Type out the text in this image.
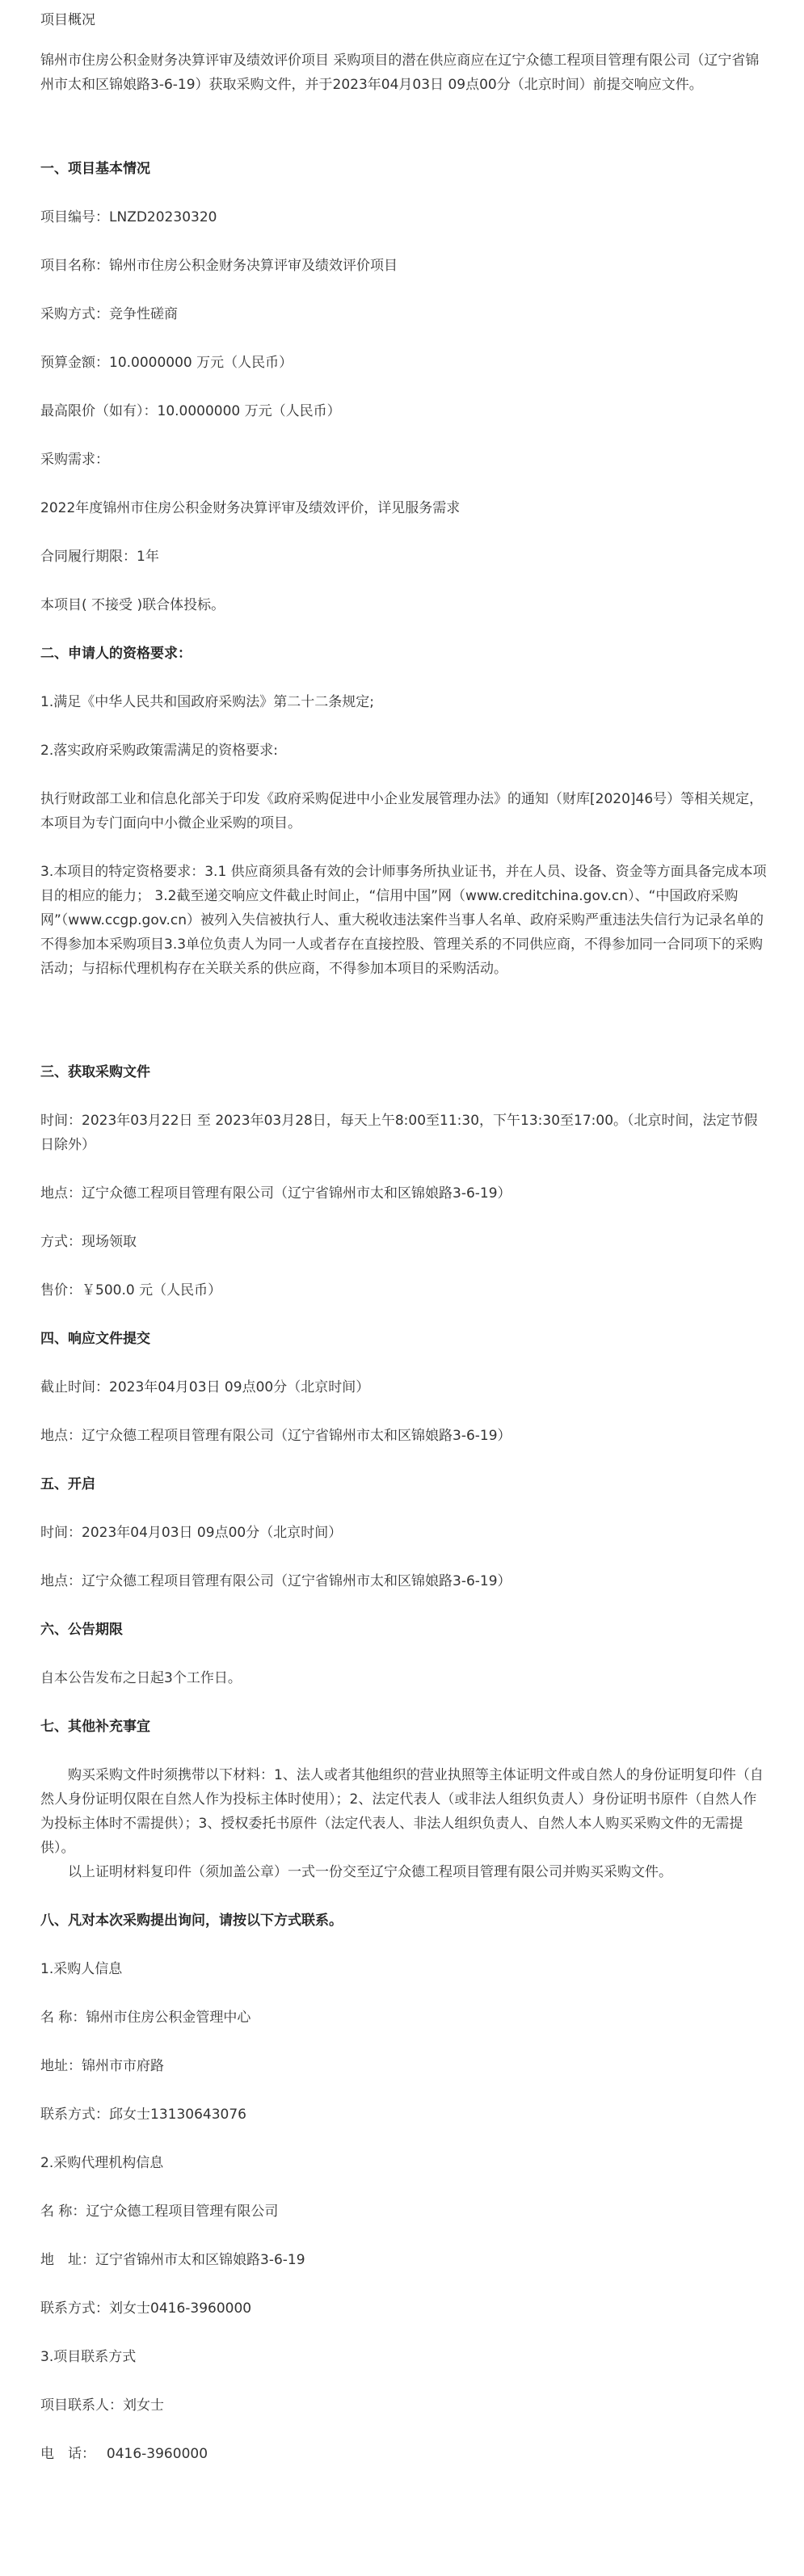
项目概况

锦州市住房公积金财务决算评审及绩效评价项目 采购项目的潜在供应商应在辽宁众德工程项目管理有限公司（辽宁省锦州市太和区锦娘路3-6-19）获取采购文件，并于2023年04月03日 09点00分（北京时间）前提交响应文件。

一、项目基本情况

项目编号：LNZD20230320

项目名称：锦州市住房公积金财务决算评审及绩效评价项目

采购方式：竞争性磋商

预算金额：10.0000000 万元（人民币）

最高限价（如有）：10.0000000 万元（人民币）

采购需求：

2022年度锦州市住房公积金财务决算评审及绩效评价，详见服务需求

合同履行期限：1年

本项目( 不接受 )联合体投标。

二、申请人的资格要求：

1.满足《中华人民共和国政府采购法》第二十二条规定;

2.落实政府采购政策需满足的资格要求:

执行财政部工业和信息化部关于印发《政府采购促进中小企业发展管理办法》的通知（财库[2020]46号）等相关规定，本项目为专门面向中小微企业采购的项目。

3.本项目的特定资格要求：3.1 供应商须具备有效的会计师事务所执业证书，并在人员、设备、资金等方面具备完成本项目的相应的能力； 3.2截至递交响应文件截止时间止，“信用中国”网（www.creditchina.gov.cn）、“中国政府采购网”（www.ccgp.gov.cn）被列入失信被执行人、重大税收违法案件当事人名单、政府采购严重违法失信行为记录名单的不得参加本采购项目3.3单位负责人为同一人或者存在直接控股、管理关系的不同供应商，不得参加同一合同项下的采购活动；与招标代理机构存在关联关系的供应商，不得参加本项目的采购活动。

三、获取采购文件

时间：2023年03月22日 至 2023年03月28日，每天上午8:00至11:30，下午13:30至17:00。（北京时间，法定节假日除外）

地点：辽宁众德工程项目管理有限公司（辽宁省锦州市太和区锦娘路3-6-19）

方式：现场领取

售价：￥500.0 元（人民币）

四、响应文件提交

截止时间：2023年04月03日 09点00分（北京时间）

地点：辽宁众德工程项目管理有限公司（辽宁省锦州市太和区锦娘路3-6-19）

五、开启

时间：2023年04月03日 09点00分（北京时间）

地点：辽宁众德工程项目管理有限公司（辽宁省锦州市太和区锦娘路3-6-19）

六、公告期限

自本公告发布之日起3个工作日。

七、其他补充事宜

购买采购文件时须携带以下材料：1、法人或者其他组织的营业执照等主体证明文件或自然人的身份证明复印件（自然人身份证明仅限在自然人作为投标主体时使用）；2、法定代表人（或非法人组织负责人）身份证明书原件（自然人作为投标主体时不需提供）；3、授权委托书原件（法定代表人、非法人组织负责人、自然人本人购买采购文件的无需提供）。

以上证明材料复印件（须加盖公章）一式一份交至辽宁众德工程项目管理有限公司并购买采购文件。

八、凡对本次采购提出询问，请按以下方式联系。

1.采购人信息

名 称：锦州市住房公积金管理中心

地址：锦州市市府路

联系方式：邱女士13130643076

2.采购代理机构信息

名 称：辽宁众德工程项目管理有限公司

地　址：辽宁省锦州市太和区锦娘路3-6-19

联系方式：刘女士0416-3960000

3.项目联系方式

项目联系人：刘女士

电　话：　 0416-3960000
